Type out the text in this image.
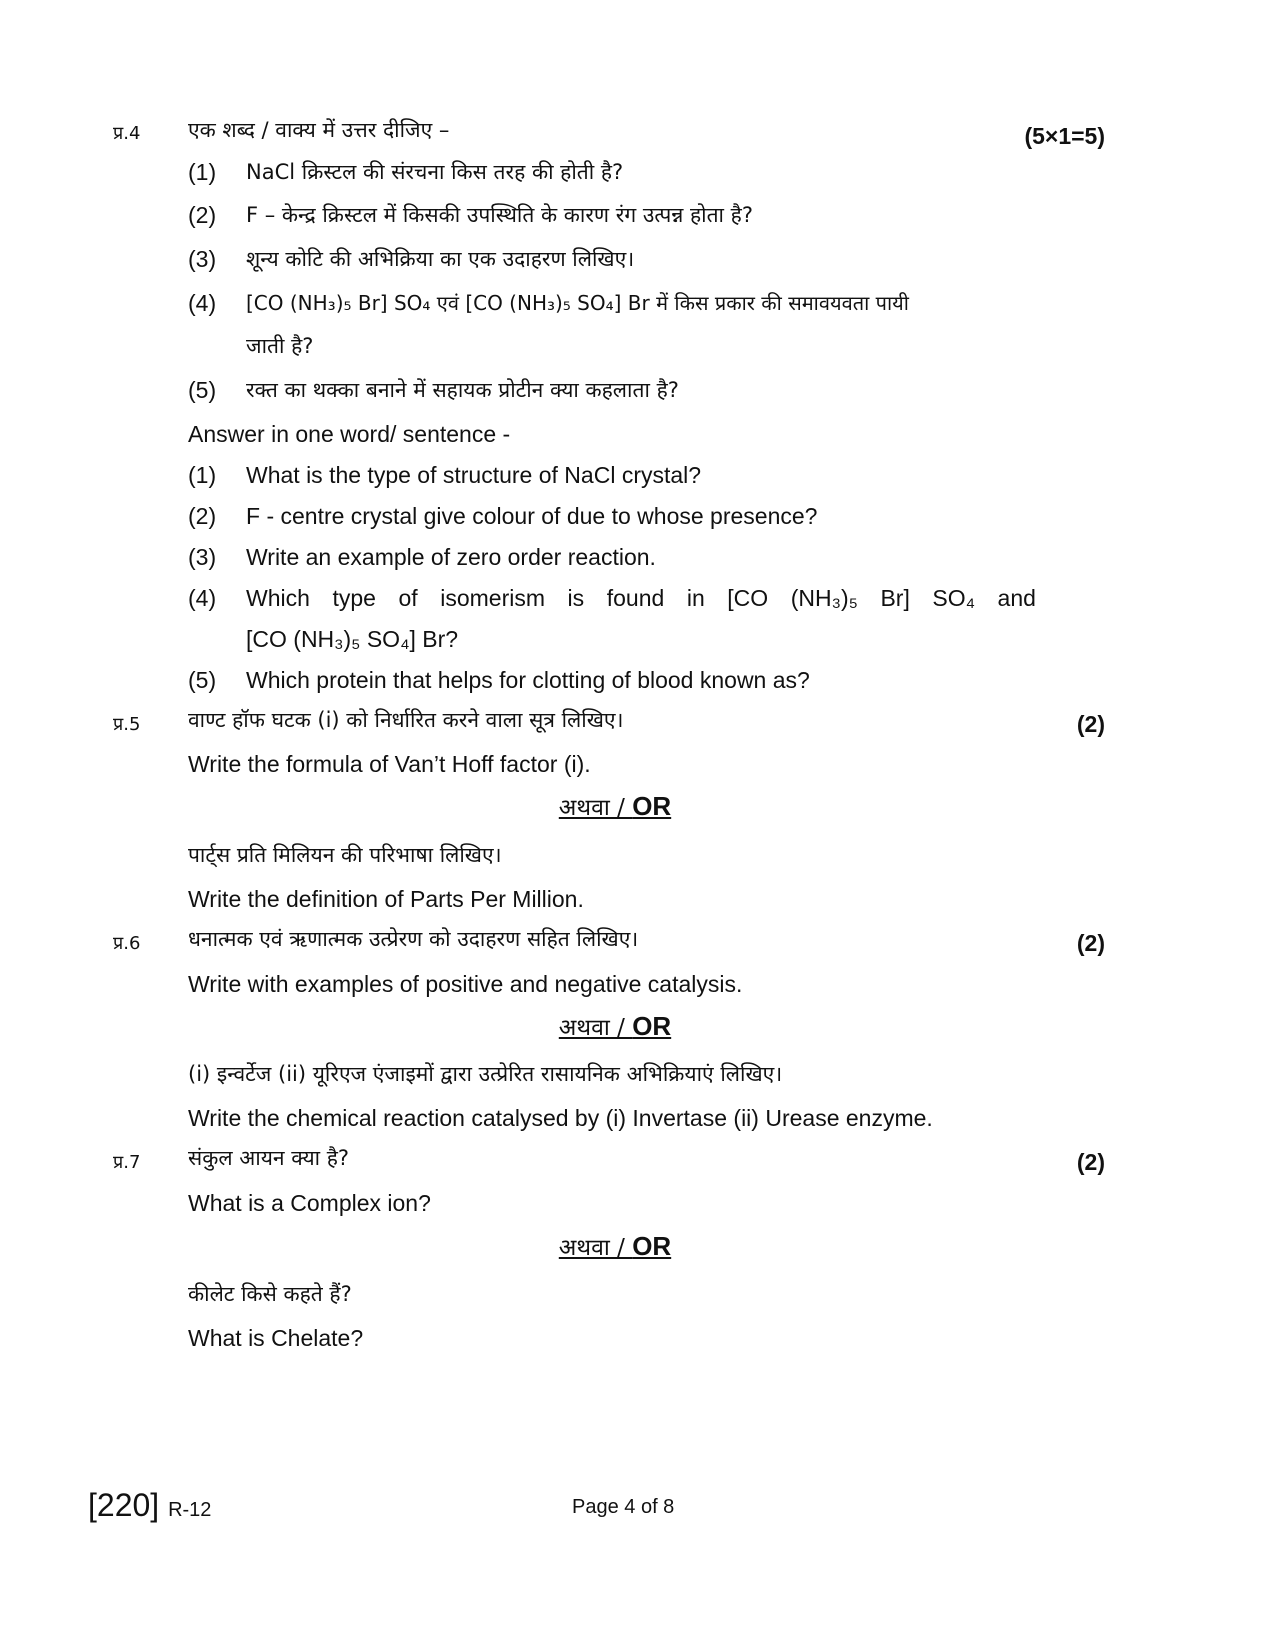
प्र.4 एक शब्द / वाक्य में उत्तर दीजिए –	(5×1=5)
(1) NaCl क्रिस्टल की संरचना किस तरह की होती है?
(2) F – केन्द्र क्रिस्टल में किसकी उपस्थिति के कारण रंग उत्पन्न होता है?
(3) शून्य कोटि की अभिक्रिया का एक उदाहरण लिखिए।
(4) [CO (NH₃)₅ Br] SO₄ एवं [CO (NH₃)₅ SO₄] Br में किस प्रकार की समावयवता पायी
जाती है?
(5) रक्त का थक्का बनाने में सहायक प्रोटीन क्या कहलाता है?
Answer in one word/ sentence -
(1) What is the type of structure of NaCl crystal?
(2) F - centre crystal give colour of due to whose presence?
(3) Write an example of zero order reaction.
(4) Which type of isomerism is found in [CO (NH₃)₅ Br] SO₄ and
[CO (NH₃)₅ SO₄] Br?
(5) Which protein that helps for clotting of blood known as?
प्र.5 वाण्ट हॉफ घटक (i) को निर्धारित करने वाला सूत्र लिखिए।	(2)
Write the formula of Van’t Hoff factor (i).
अथवा / OR
पार्ट्स प्रति मिलियन की परिभाषा लिखिए।
Write the definition of Parts Per Million.
प्र.6 धनात्मक एवं ऋणात्मक उत्प्रेरण को उदाहरण सहित लिखिए।	(2)
Write with examples of positive and negative catalysis.
अथवा / OR
(i) इन्वर्टेज (ii) यूरिएज एंजाइमों द्वारा उत्प्रेरित रासायनिक अभिक्रियाएं लिखिए।
Write the chemical reaction catalysed by (i) Invertase (ii) Urease enzyme.
प्र.7 संकुल आयन क्या है?	(2)
What is a Complex ion?
अथवा / OR
कीलेट किसे कहते हैं?
What is Chelate?
[220] R-12	Page 4 of 8
